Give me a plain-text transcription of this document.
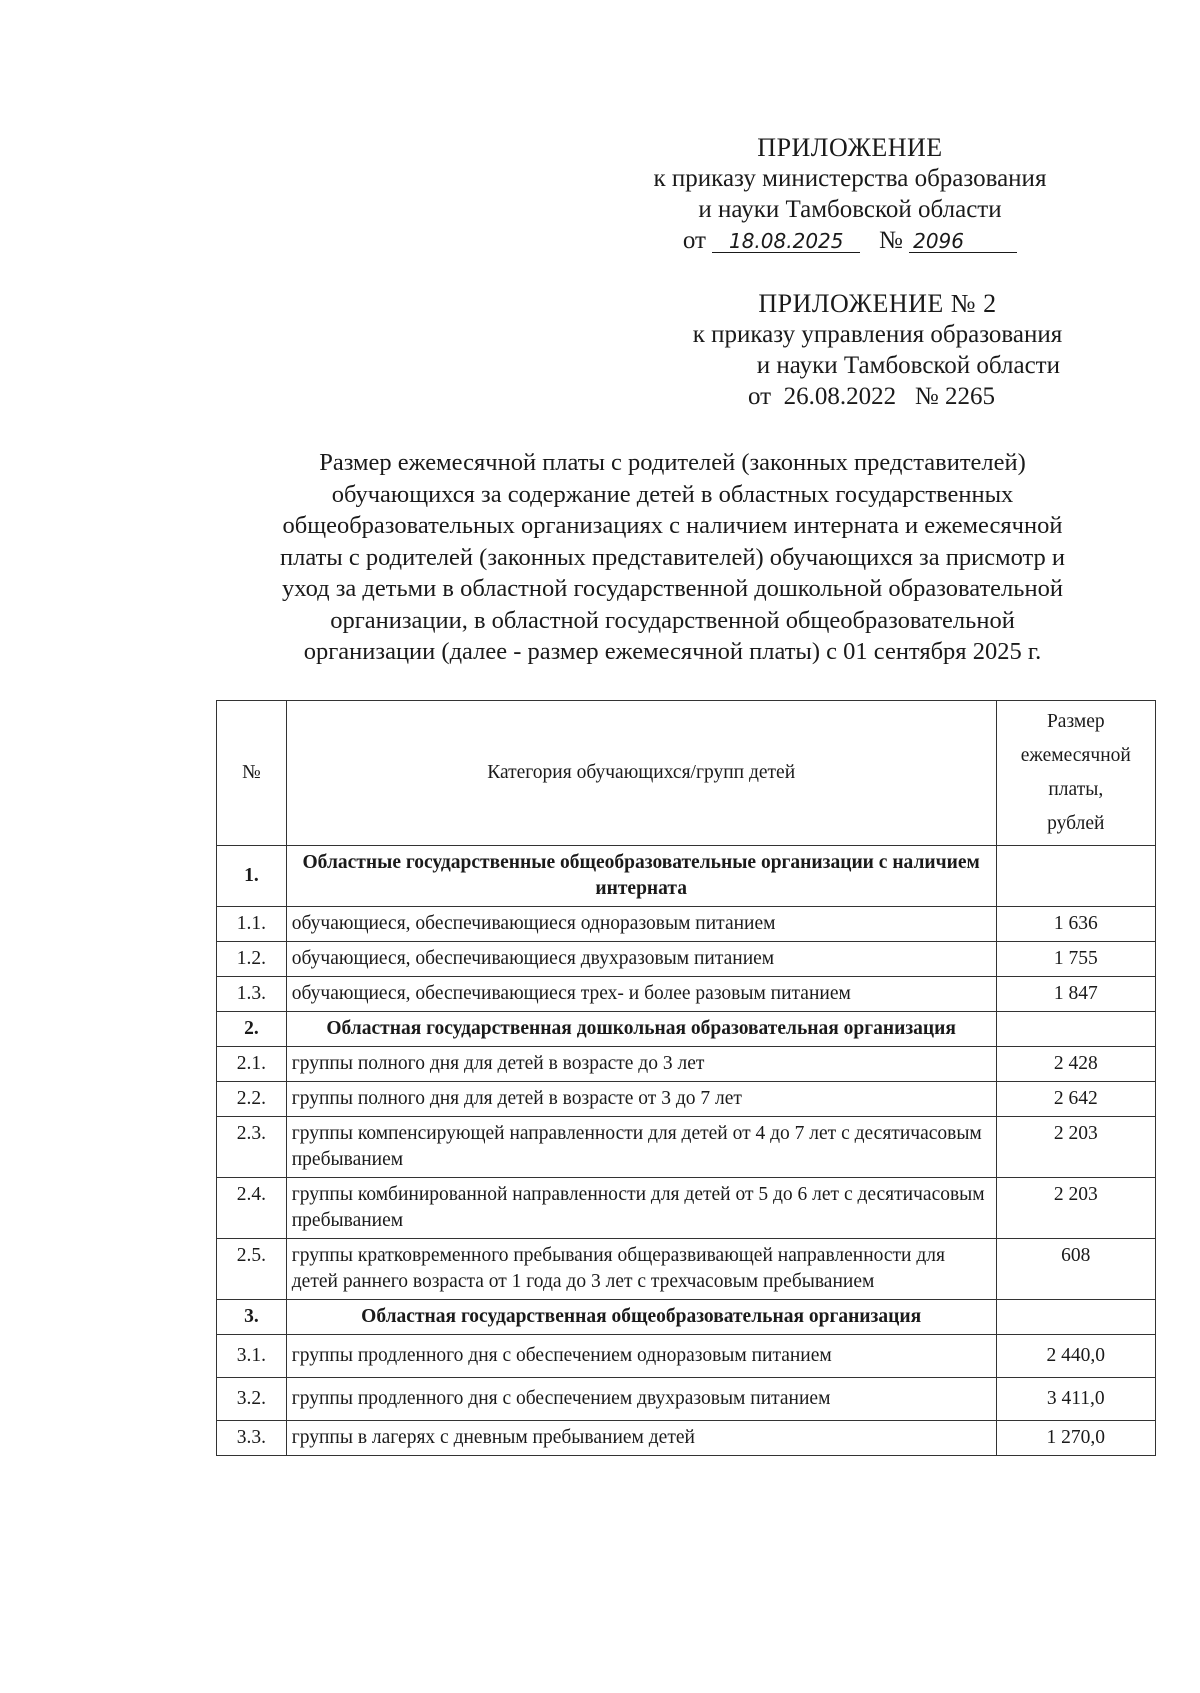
ПРИЛОЖЕНИЕ
к приказу министерства образования
и науки Тамбовской области
от 18.08.2025 № 2096
ПРИЛОЖЕНИЕ № 2
к приказу управления образования
и науки Тамбовской области
от  26.08.2022   № 2265
Размер ежемесячной платы с родителей (законных представителей)
обучающихся за содержание детей в областных государственных
общеобразовательных организациях с наличием интерната и ежемесячной
платы с родителей (законных представителей) обучающихся за присмотр и
уход за детьми в областной государственной дошкольной образовательной
организации, в областной государственной общеобразовательной
организации (далее - размер ежемесячной платы) с 01 сентября 2025 г.
№	Категория обучающихся/групп детей	Размер
ежемесячной
платы,
рублей

1.	Областные государственные общеобразовательные организации с наличием интерната	
1.1.	обучающиеся, обеспечивающиеся одноразовым питанием	1 636
1.2.	обучающиеся, обеспечивающиеся двухразовым питанием	1 755
1.3.	обучающиеся, обеспечивающиеся трех- и более разовым питанием	1 847
2.	Областная государственная дошкольная образовательная организация	
2.1.	группы полного дня для детей в возрасте до 3 лет	2 428
2.2.	группы полного дня для детей в возрасте от 3 до 7 лет	2 642
2.3.	группы компенсирующей направленности для детей от 4 до 7 лет с десятичасовым пребыванием	2 203
2.4.	группы комбинированной направленности для детей от 5 до 6 лет с десятичасовым пребыванием	2 203
2.5.	группы кратковременного пребывания общеразвивающей направленности для детей раннего возраста от 1 года до 3 лет с трехчасовым пребыванием	608
3.	Областная государственная общеобразовательная организация	
3.1.	группы продленного дня с обеспечением одноразовым питанием	2 440,0
3.2.	группы продленного дня с обеспечением двухразовым питанием	3 411,0
3.3.	группы в лагерях с дневным пребыванием детей	1 270,0
